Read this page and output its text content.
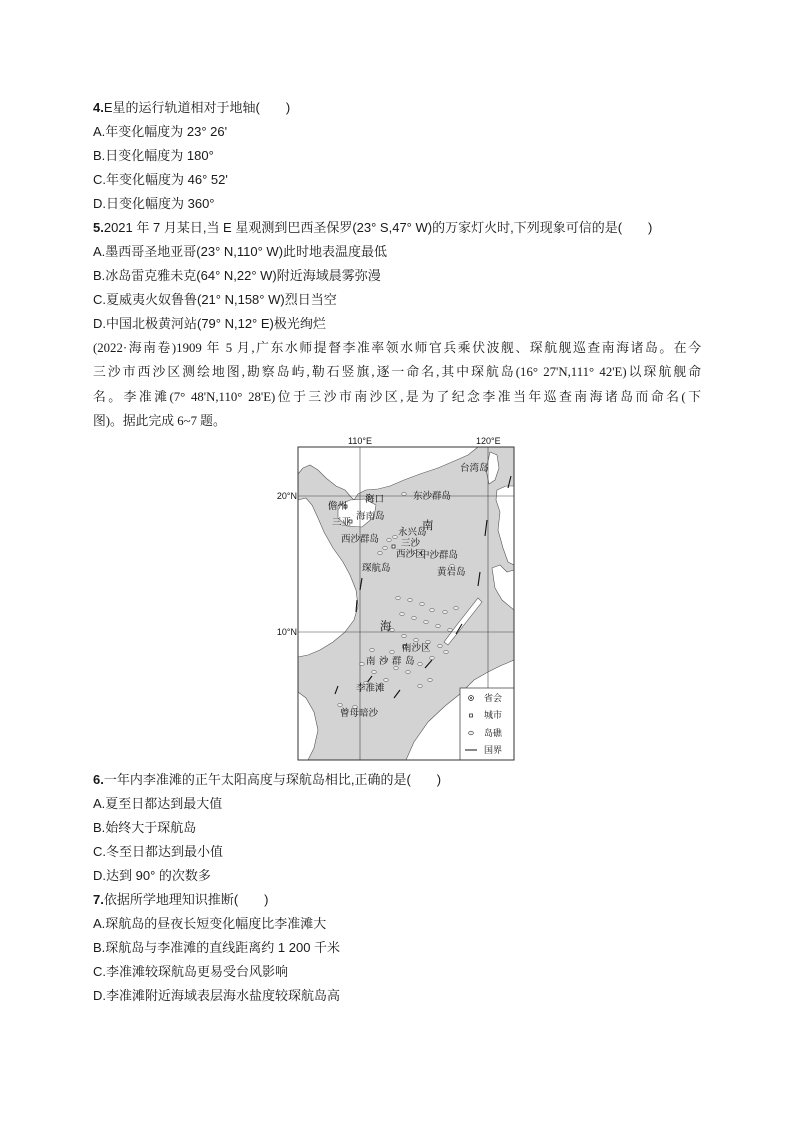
4.E星的运行轨道相对于地轴(　　)
A.年变化幅度为 23° 26'
B.日变化幅度为 180°
C.年变化幅度为 46° 52'
D.日变化幅度为 360°
5.2021 年 7 月某日,当 E 星观测到巴西圣保罗(23° S,47° W)的万家灯火时,下列现象可信的是(　　)
A.墨西哥圣地亚哥(23° N,110° W)此时地表温度最低
B.冰岛雷克雅未克(64° N,22° W)附近海域晨雾弥漫
C.夏威夷火奴鲁鲁(21° N,158° W)烈日当空
D.中国北极黄河站(79° N,12° E)极光绚烂
(2022·海南卷)1909 年 5 月,广东水师提督李准率领水师官兵乘伏波舰、琛航舰巡查南海诸岛。在今
三沙市西沙区测绘地图,勘察岛屿,勒石竖旗,逐一命名,其中琛航岛(16° 27'N,111° 42'E)以琛航舰命
名。李准滩(7° 48'N,110° 28'E)位于三沙市南沙区,是为了纪念李准当年巡查南海诸岛而命名(下
图)。据此完成 6~7 题。
110°E	120°E
20°N
10°N
台湾岛
儋州
海口	东沙群岛
三亚
海南岛
永兴岛
南
西沙群岛 三沙
西沙区
中沙群岛
琛航岛	黄岩岛
海
南沙区
南沙群岛
李准滩
曾母暗沙
省会
城市
岛礁
国界
6.一年内李准滩的正午太阳高度与琛航岛相比,正确的是(　　)
A.夏至日都达到最大值
B.始终大于琛航岛
C.冬至日都达到最小值
D.达到 90° 的次数多
7.依据所学地理知识推断(　　)
A.琛航岛的昼夜长短变化幅度比李准滩大
B.琛航岛与李准滩的直线距离约 1 200 千米
C.李准滩较琛航岛更易受台风影响
D.李准滩附近海域表层海水盐度较琛航岛高
